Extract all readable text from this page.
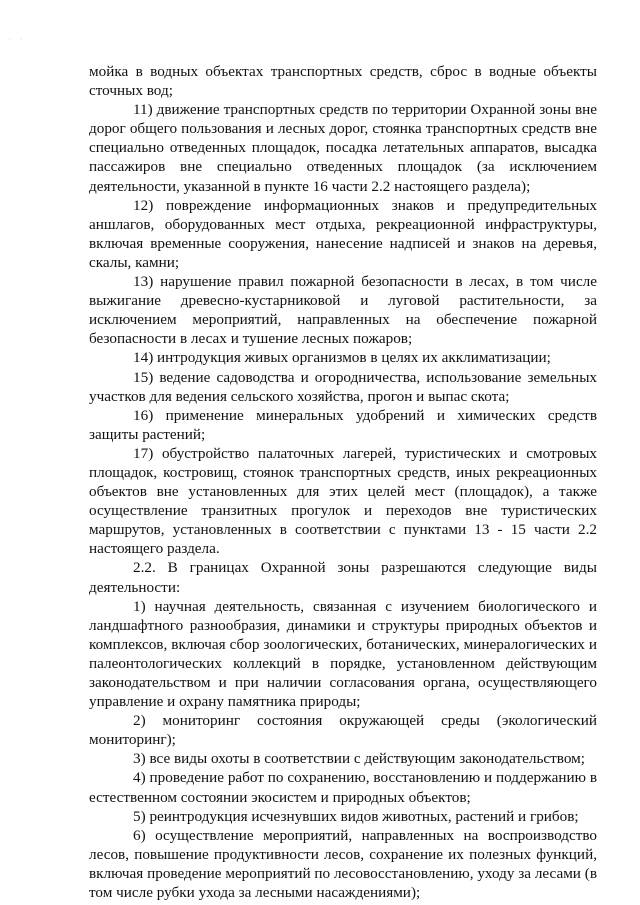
· ·

мойка в водных объектах транспортных средств, сброс в водные объекты сточных вод;

11) движение транспортных средств по территории Охранной зоны вне дорог общего пользования и лесных дорог, стоянка транспортных средств вне специально отведенных площадок, посадка летательных аппаратов, высадка пассажиров вне специально отведенных площадок (за исключением деятельности, указанной в пункте 16 части 2.2 настоящего раздела);

12) повреждение информационных знаков и предупредительных аншлагов, оборудованных мест отдыха, рекреационной инфраструктуры, включая временные сооружения, нанесение надписей и знаков на деревья, скалы, камни;

13) нарушение правил пожарной безопасности в лесах, в том числе выжигание древесно-кустарниковой и луговой растительности, за исключением мероприятий, направленных на обеспечение пожарной безопасности в лесах и тушение лесных пожаров;

14) интродукция живых организмов в целях их акклиматизации;

15) ведение садоводства и огородничества, использование земельных участков для ведения сельского хозяйства, прогон и выпас скота;

16) применение минеральных удобрений и химических средств защиты растений;

17) обустройство палаточных лагерей, туристических и смотровых площадок, костровищ, стоянок транспортных средств, иных рекреационных объектов вне установленных для этих целей мест (площадок), а также осуществление транзитных прогулок и переходов вне туристических маршрутов, установленных в соответствии с пунктами 13 - 15 части 2.2 настоящего раздела.

2.2. В границах Охранной зоны разрешаются следующие виды деятельности:

1) научная деятельность, связанная с изучением биологического и ландшафтного разнообразия, динамики и структуры природных объектов и комплексов, включая сбор зоологических, ботанических, минералогических и палеонтологических коллекций в порядке, установленном действующим законодательством и при наличии согласования органа, осуществляющего управление и охрану памятника природы;

2) мониторинг состояния окружающей среды (экологический мониторинг);

3) все виды охоты в соответствии с действующим законодательством;

4) проведение работ по сохранению, восстановлению и поддержанию в естественном состоянии экосистем и природных объектов;

5) реинтродукция исчезнувших видов животных, растений и грибов;

6) осуществление мероприятий, направленных на воспроизводство лесов, повышение продуктивности лесов, сохранение их полезных функций, включая проведение мероприятий по лесовосстановлению, уходу за лесами (в том числе рубки ухода за лесными насаждениями);
